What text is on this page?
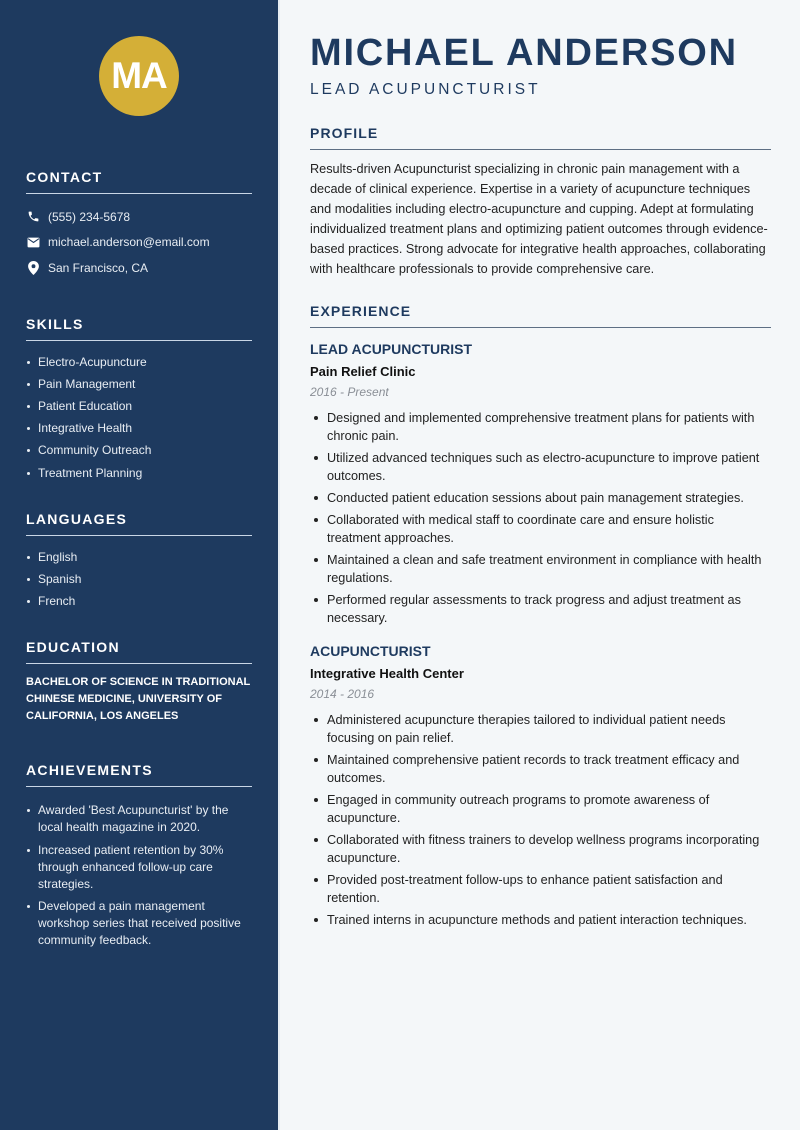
MA
CONTACT
(555) 234-5678
michael.anderson@email.com
San Francisco, CA
SKILLS
Electro-Acupuncture
Pain Management
Patient Education
Integrative Health
Community Outreach
Treatment Planning
LANGUAGES
English
Spanish
French
EDUCATION
BACHELOR OF SCIENCE IN TRADITIONAL CHINESE MEDICINE, UNIVERSITY OF CALIFORNIA, LOS ANGELES
ACHIEVEMENTS
Awarded 'Best Acupuncturist' by the local health magazine in 2020.
Increased patient retention by 30% through enhanced follow-up care strategies.
Developed a pain management workshop series that received positive community feedback.
MICHAEL ANDERSON
LEAD ACUPUNCTURIST
PROFILE

Results-driven Acupuncturist specializing in chronic pain management with a decade of clinical experience. Expertise in a variety of acupuncture techniques and modalities including electro-acupuncture and cupping. Adept at formulating individualized treatment plans and optimizing patient outcomes through evidence-based practices. Strong advocate for integrative health approaches, collaborating with healthcare professionals to provide comprehensive care.

EXPERIENCE
LEAD ACUPUNCTURIST
Pain Relief Clinic
2016 - Present
Designed and implemented comprehensive treatment plans for patients with chronic pain.
Utilized advanced techniques such as electro-acupuncture to improve patient outcomes.
Conducted patient education sessions about pain management strategies.
Collaborated with medical staff to coordinate care and ensure holistic treatment approaches.
Maintained a clean and safe treatment environment in compliance with health regulations.
Performed regular assessments to track progress and adjust treatment as necessary.
ACUPUNCTURIST
Integrative Health Center
2014 - 2016
Administered acupuncture therapies tailored to individual patient needs focusing on pain relief.
Maintained comprehensive patient records to track treatment efficacy and outcomes.
Engaged in community outreach programs to promote awareness of acupuncture.
Collaborated with fitness trainers to develop wellness programs incorporating acupuncture.
Provided post-treatment follow-ups to enhance patient satisfaction and retention.
Trained interns in acupuncture methods and patient interaction techniques.
